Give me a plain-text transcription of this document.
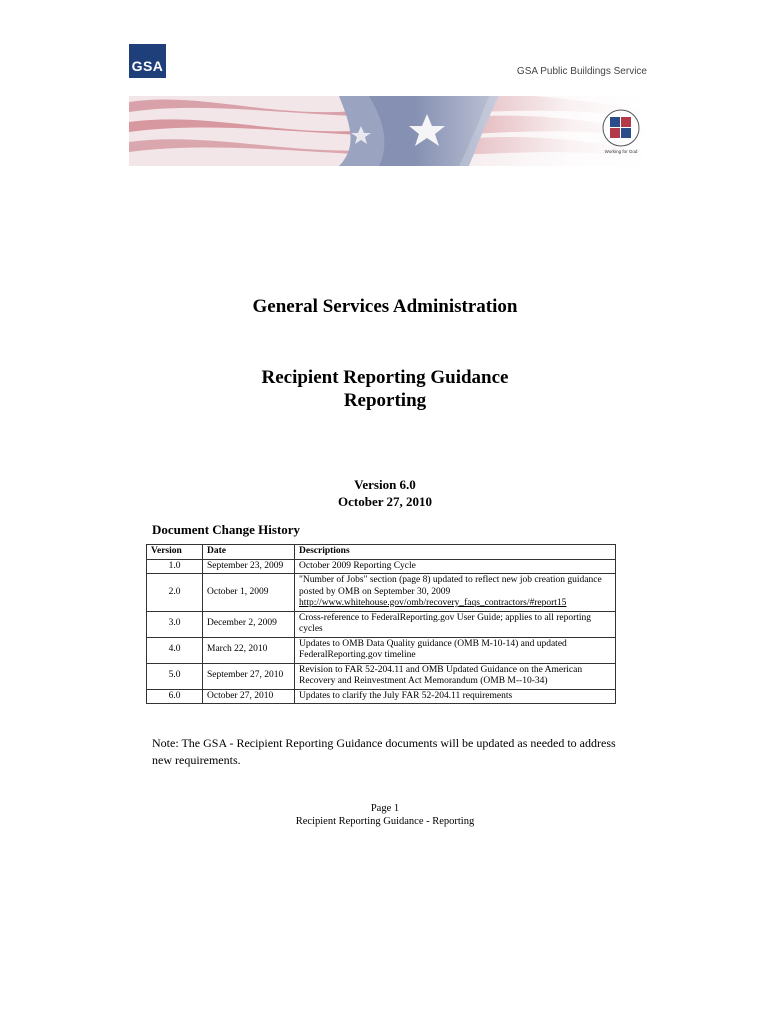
GSA	GSA Public Buildings Service
Working for God
General Services Administration
Recipient Reporting Guidance
Reporting
Version 6.0
October 27, 2010
Document Change History
Version	Date	Descriptions
1.0	September 23, 2009	October 2009 Reporting Cycle
2.0	October 1, 2009	"Number of Jobs" section (page 8) updated to reflect new job creation guidance posted by OMB on September 30, 2009
http://www.whitehouse.gov/omb/recovery_faqs_contractors/#report15

3.0	December 2, 2009	Cross-reference to FederalReporting.gov User Guide; applies to all reporting cycles
4.0	March 22, 2010	Updates to OMB Data Quality guidance (OMB M-10-14) and updated FederalReporting.gov timeline
5.0	September 27, 2010	Revision to FAR 52-204.11 and OMB Updated Guidance on the American Recovery and Reinvestment Act Memorandum (OMB M--10-34)
6.0	October 27, 2010	Updates to clarify the July FAR 52-204.11 requirements
Note: The GSA - Recipient Reporting Guidance documents will be updated as needed to address new requirements.
Page 1
Recipient Reporting Guidance - Reporting
